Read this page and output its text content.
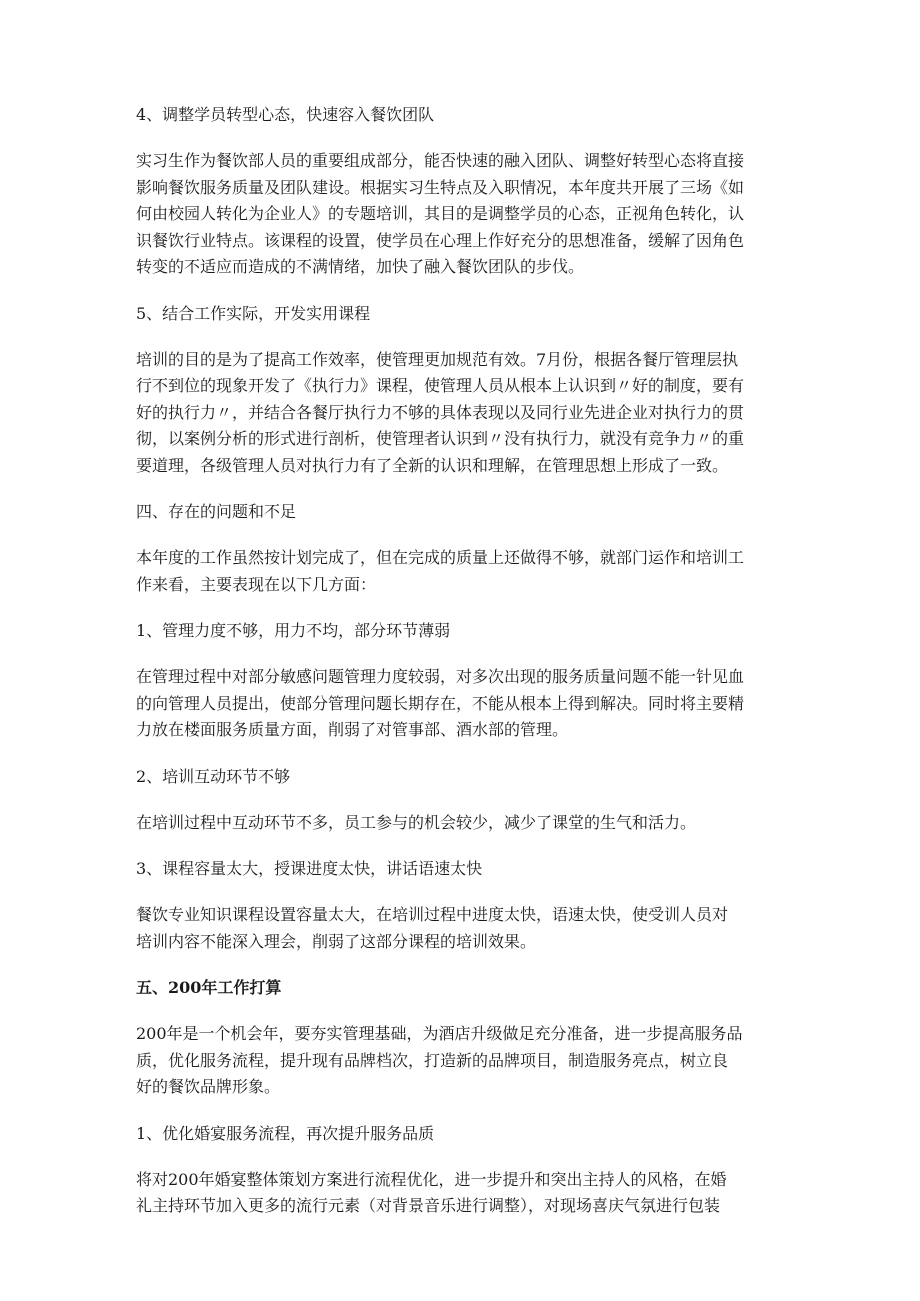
4、调整学员转型心态，快速容入餐饮团队
实习生作为餐饮部人员的重要组成部分，能否快速的融入团队、调整好转型心态将直接
影响餐饮服务质量及团队建设。根据实习生特点及入职情况，本年度共开展了三场《如
何由校园人转化为企业人》的专题培训，其目的是调整学员的心态，正视角色转化，认
识餐饮行业特点。该课程的设置，使学员在心理上作好充分的思想准备，缓解了因角色
转变的不适应而造成的不满情绪，加快了融入餐饮团队的步伐。
5、结合工作实际，开发实用课程
培训的目的是为了提高工作效率，使管理更加规范有效。7月份，根据各餐厅管理层执
行不到位的现象开发了《执行力》课程，使管理人员从根本上认识到〃好的制度，要有
好的执行力〃，并结合各餐厅执行力不够的具体表现以及同行业先进企业对执行力的贯
彻，以案例分析的形式进行剖析，使管理者认识到〃没有执行力，就没有竞争力〃的重
要道理，各级管理人员对执行力有了全新的认识和理解，在管理思想上形成了一致。
四、存在的问题和不足
本年度的工作虽然按计划完成了，但在完成的质量上还做得不够，就部门运作和培训工
作来看，主要表现在以下几方面：
1、管理力度不够，用力不均，部分环节薄弱
在管理过程中对部分敏感问题管理力度较弱，对多次出现的服务质量问题不能一针见血
的向管理人员提出，使部分管理问题长期存在，不能从根本上得到解决。同时将主要精
力放在楼面服务质量方面，削弱了对管事部、酒水部的管理。
2、培训互动环节不够
在培训过程中互动环节不多，员工参与的机会较少，减少了课堂的生气和活力。
3、课程容量太大，授课进度太快，讲话语速太快
餐饮专业知识课程设置容量太大，在培训过程中进度太快，语速太快，使受训人员对
培训内容不能深入理会，削弱了这部分课程的培训效果。
五、200年工作打算
200年是一个机会年，要夯实管理基础，为酒店升级做足充分准备，进一步提高服务品
质，优化服务流程，提升现有品牌档次，打造新的品牌项目，制造服务亮点，树立良
好的餐饮品牌形象。
1、优化婚宴服务流程，再次提升服务品质
将对200年婚宴整体策划方案进行流程优化，进一步提升和突出主持人的风格，在婚
礼主持环节加入更多的流行元素（对背景音乐进行调整），对现场喜庆气氛进行包装
